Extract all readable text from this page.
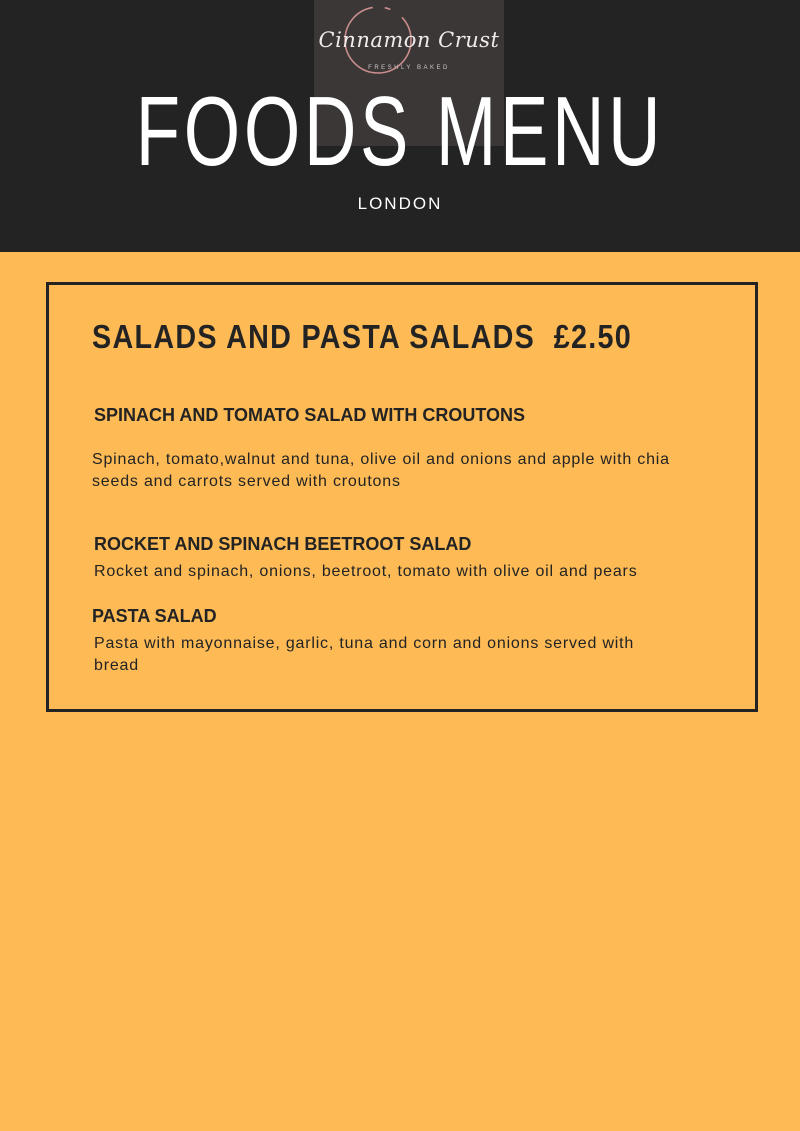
Cinnamon Crust
FRESHLY BAKED
FOODS MENU
LONDON
SALADS AND PASTA SALADS  £2.50
SPINACH AND TOMATO SALAD WITH CROUTONS
Spinach, tomato,walnut and tuna, olive oil and onions and apple with chia seeds and carrots served with croutons
ROCKET AND SPINACH BEETROOT SALAD
Rocket and spinach, onions, beetroot, tomato with olive oil and pears
PASTA SALAD
Pasta with mayonnaise, garlic, tuna and corn and onions served with bread
